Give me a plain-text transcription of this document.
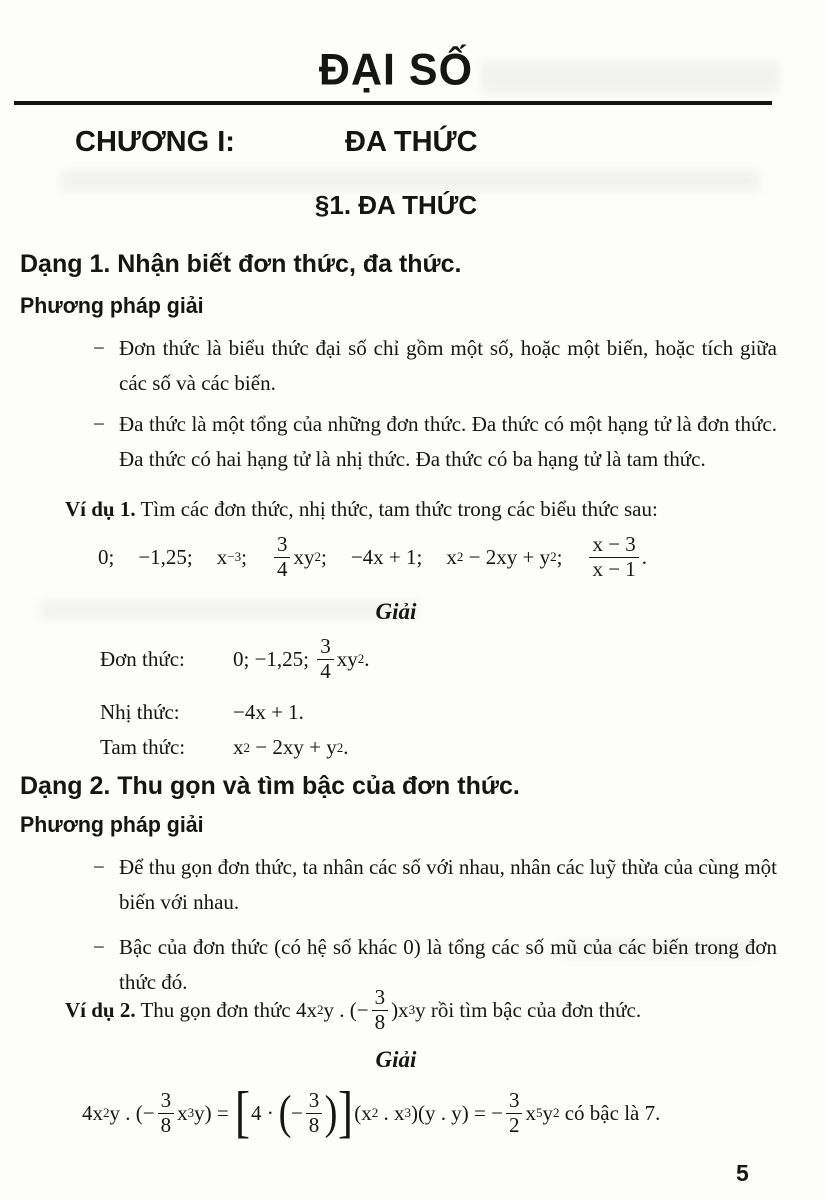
ĐẠI SỐ
CHƯƠNG I:	ĐA THỨC
§1. ĐA THỨC
Dạng 1. Nhận biết đơn thức, đa thức.
Phương pháp giải
− Đơn thức là biểu thức đại số chỉ gồm một số, hoặc một biến, hoặc tích giữa các số và các biến.
− Đa thức là một tổng của những đơn thức. Đa thức có một hạng tử là đơn thức. Đa thức có hai hạng tử là nhị thức. Đa thức có ba hạng tử là tam thức.
Ví dụ 1. Tìm các đơn thức, nhị thức, tam thức trong các biểu thức sau:
0; −1,25; x −3 ; $\frac{3}{4}$ xy 2 ; −4x + 1; x 2 − 2xy + y 2 ; $\frac{x - 3}{x - 1}$ .
Giải
Đơn thức:	0; −1,25; $\frac{3}{4}$ xy 2 .
Nhị thức:	−4x + 1.
Tam thức:	x 2 − 2xy + y 2 .
Dạng 2. Thu gọn và tìm bậc của đơn thức.
Phương pháp giải
− Để thu gọn đơn thức, ta nhân các số với nhau, nhân các luỹ thừa của cùng một biến với nhau.
− Bậc của đơn thức (có hệ số khác 0) là tổng các số mũ của các biến trong đơn thức đó.
Ví dụ 2. Thu gọn đơn thức 4x 2 y . (− $\frac{3}{8} )x$ 3 y rồi tìm bậc của đơn thức.
Giải
4x 2 y . (− $\frac{3}{8}$ x 3 y) = [ 4 · ( − $\frac{3}{8}$ ) ] (x 2 . x 3 )(y . y) = − $\frac{3}{2}$ x 5 y 2 có bậc là 7.
5
